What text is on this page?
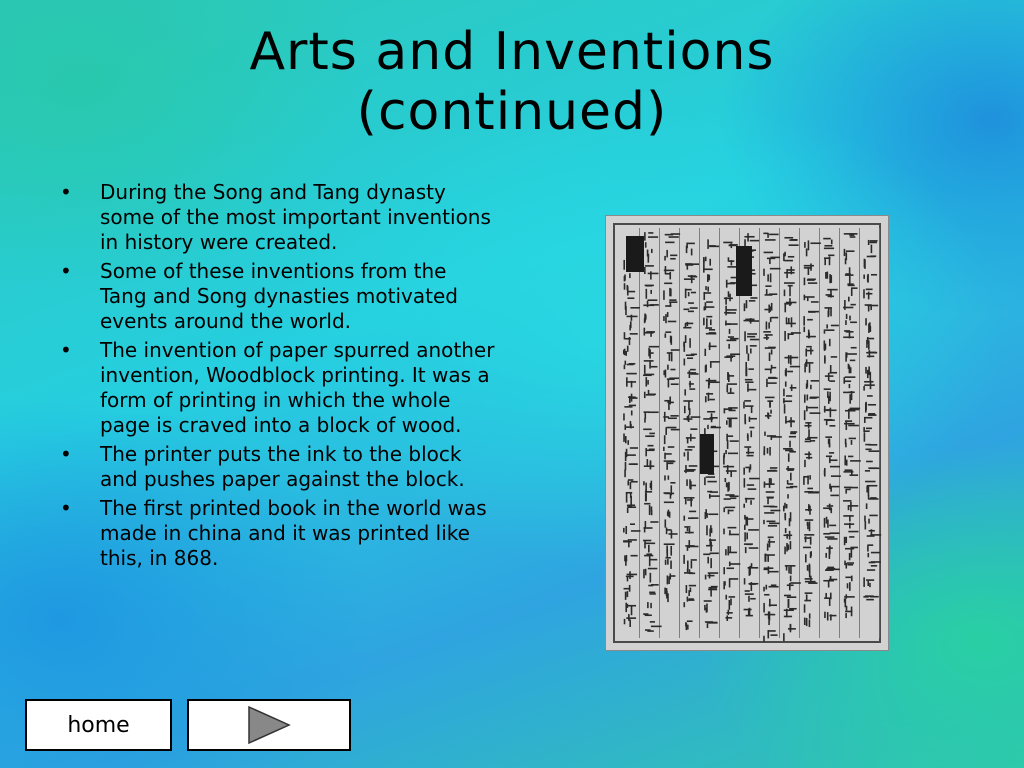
Arts and Inventions
(continued)
• During the Song and Tang dynasty some of the most important inventions in history were created.
• Some of these inventions from the Tang and Song dynasties motivated events around the world.
• The invention of paper spurred another invention, Woodblock printing. It was a form of printing in which the whole page is craved into a block of wood.
• The printer puts the ink to the block and pushes paper against the block.
• The first printed book in the world was made in china and it was printed like this, in 868.
home
